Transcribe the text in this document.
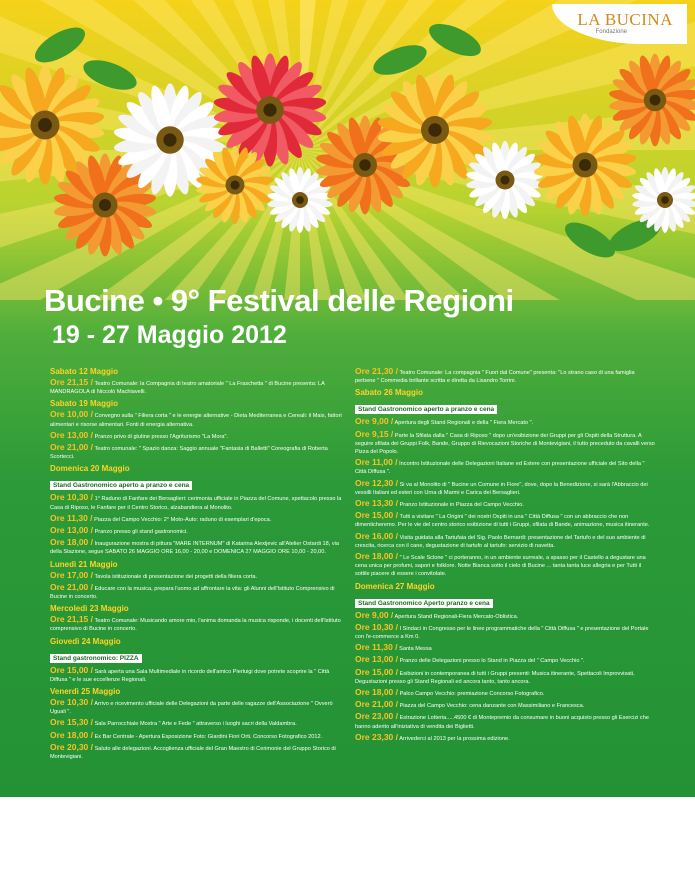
LA BUCINA
Fondazione
Bucine • 9° Festival delle Regioni
19 - 27 Maggio 2012
Sabato 12 Maggio
Ore 21,15 / Teatro Comunale: la Compagnia di teatro amatoriale " La Fraschetta " di Bucine presenta: LA MANDRAGOLA di Niccolò Machiavelli.
Sabato 19 Maggio
Ore 10,00 / Convegno sulla " Filiera corta " e le energie alternative - Dieta Mediterranea e Cereali: il Mais, fattori alimentari e risorse alimentari. Fonti di energia alternativa.
Ore 13,00 / Pranzo privo di glutine presso l'Agriturismo "La Mora".
Ore 21,00 / Teatro comunale: " Spazio danza: Saggio annuale "Fantasia di Balletti" Coreografia di Roberta Scortecci.
Domenica 20 Maggio
Stand Gastronomico aperto a pranzo e cena
Ore 10,30 / 1° Raduno di Fanfare dei Bersaglieri: cerimonia ufficiale in Piazza del Comune, spettacolo presso la Casa di Riposo, le Fanfare per il Centro Storico, alzabandiera al Monolito.
Ore 11,30 / Piazza del Campo Vecchio: 2° Moto-Auto: raduno di esemplari d'epoca.
Ore 13,00 / Pranzo presso gli stand gastronomici.
Ore 18,00 / Inaugurazione mostra di pittura "MARE INTERNUM" di Katarina Alexijevic all'Atelier Ostardi 18, via della Stazione, segue SABATO 26 MAGGIO ORE 16,00 - 20,00 e DOMENICA 27 MAGGIO ORE 10,00 - 20,00.
Lunedì 21 Maggio
Ore 17,00 / Tavola istituzionale di presentazione dei progetti della filiera corta.
Ore 21,00 / Educare con la musica, prepara l'uomo ad affrontare la vita: gli Alunni dell'Istituto Comprensivo di Bucine in concerto.
Mercoledì 23 Maggio
Ore 21,15 / Teatro Comunale: Musicando amore mio, l'anima domanda la musica risponde, i docenti dell'Istituto comprensivo di Bucine in concerto.
Giovedì 24 Maggio
Stand gastronomico: PIZZA
Ore 15,00 / Sarà aperta una Sala Multimediale in ricordo dell'amico Pierluigi dove potrete scoprire la " Città Diffusa " e le sue eccellenze Regionali.
Venerdì 25 Maggio
Ore 10,30 / Arrivo e ricevimento ufficiale delle Delegazioni da parte delle ragazze dell'Associazione " Ovverò Uguali ".
Ore 15,30 / Sala Parrocchiale Mostra " Arte e Fede " attraverso i luoghi sacri della Valdambra.
Ore 18,00 / Ex Bar Centrale - Apertura Esposizione Foto: Giardini Fiori Orti. Concorso Fotografico 2012.
Ore 20,30 / Saluto alle delegazioni. Accoglienza ufficiale del Gran Maestro di Cerimonie del Gruppo Storico di Montevigiani.
Ore 21,30 / Teatro Comunale: La compagnia " Fuori dal Comune" presenta: "Lo strano caso di una famiglia perbene " Commedia brillante scritta e diretta da Lisandro Torrini.
Sabato 26 Maggio
Stand Gastronomico aperto a pranzo e cena
Ore 9,00 / Apertura degli Stand Regionali e della " Fiera Mercato ".
Ore 9,15 / Parte la Sfilata dalla " Casa di Riposo " dopo un'esibizione dei Gruppi per gli Ospiti della Struttura. A seguire sfilata dei Gruppi Folk, Bande, Gruppo di Rievocazioni Storiche di Montevigiani, il tutto preceduto da cavalli verso Pizza del Popolo.
Ore 11,00 / Incontro Istituzionale delle Delegazioni Italiane ed Estere con presentazione ufficiale del Sito della " Città Diffusa ".
Ore 12,30 / Si va al Monolito di " Bucine un Comune in Fiore", dove, dopo la Benedizione, si sarà l'Abbraccio dei vessilli Italiani ed esteri con Urna di Marmi e Carica dei Bersaglieri.
Ore 13,30 / Pranzo Istituzionale in Piazza del Campo Vecchio.
Ore 15,00 / Tutti a visitare " La Origini " dei nostri Ospiti in una " Città Diffusa " con un abbraccio che non dimenticheremo. Per le vie del centro storico esibizione di tutti i Gruppi, sfilata di Bande, animazione, musica itinerante.
Ore 16,00 / Visita guidata alla Tartufaia del Sig. Paolo Bernardi: presentazione del Tartufo e del suo ambiente di crescita, ricerca con il cane, degustazione di tartufo al tartufo: servizio di navetta.
Ore 18,00 / " Le Scale Sclone " ci porteranno, in un ambiente surreale, a spasso per il Castello a degustare una cena unica per profumi, sapori e folklore. Notte Bianca sotto il cielo di Bucine ... tanta tanta luce allegria e per Tutti il sottile piacere di essere i convitolate.
Domenica 27 Maggio
Stand Gastronomico Aperto pranzo e cena
Ore 9,00 / Apertura Stand Regionali-Fiera Mercato-Oblistica.
Ore 10,30 / I Sindaci in Congresso per le linee programmatiche della " Città Diffusa " e presentazione del Portale con l'e-commerce a Km 0.
Ore 11,30 / Santa Messa
Ore 13,00 / Pranzo delle Delegazioni presso lo Stand in Piazza del " Campo Vecchio ".
Ore 15,00 / Esibizioni in contemporanea di tutti i Gruppi presenti: Musica itinerante, Spettacoli Improvvisati, Degustazioni presso gli Stand Regionali ed ancora tanto, tanto ancora.
Ore 18,00 / Palco Campo Vecchio: premiazione Concorso Fotografico.
Ore 21,00 / Piazza del Campo Vecchio: cena danzante con Massimiliano e Francesca.
Ore 23,00 / Estrazione Lotteria.....4500 € di Montepremio da consumare in buoni acquisto presso gli Esercizi che hanno aderito all'iniziativa di vendita dei Biglietti.
Ore 23,30 / Arrivederci al 2013 per la prossima edizione.
